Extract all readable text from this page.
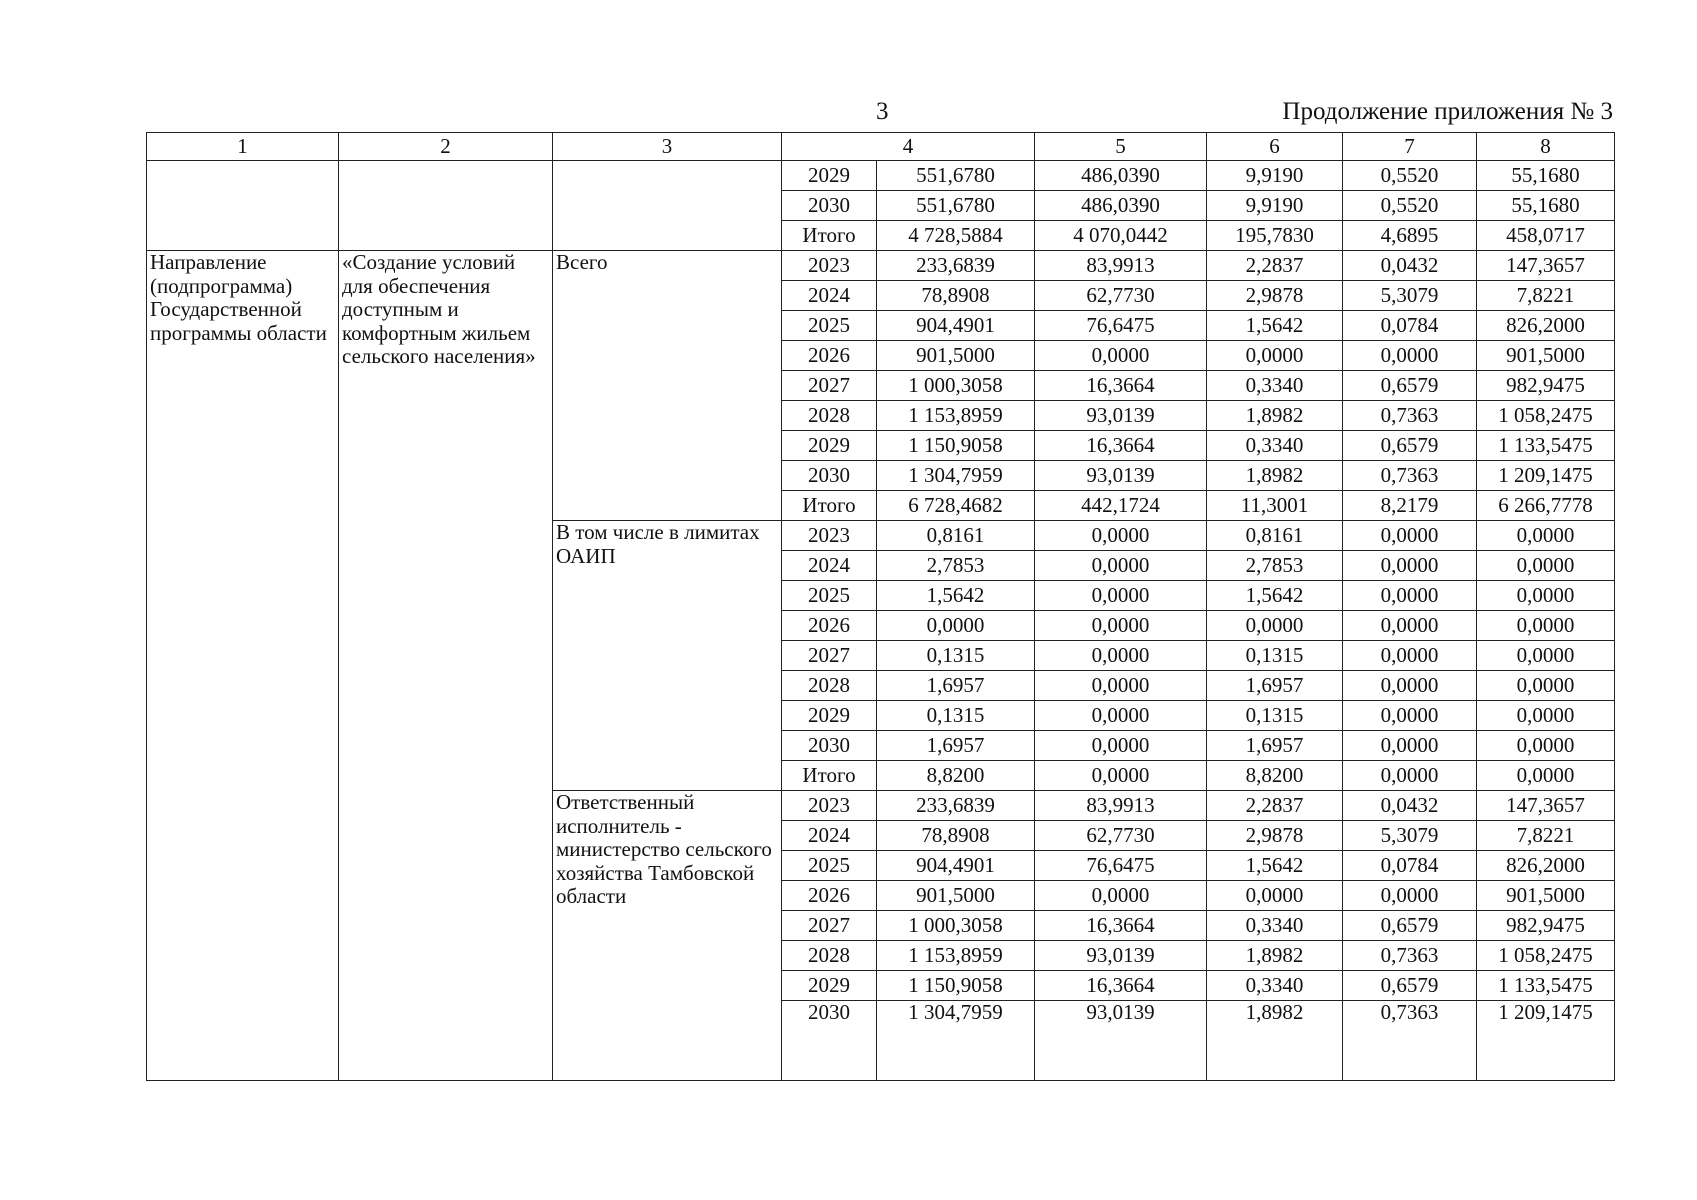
3	Продолжение приложения № 3
1	2	3	4		5	6	7	8
			2029	551,6780	486,0390	9,9190	0,5520	55,1680
			2030	551,6780	486,0390	9,9190	0,5520	55,1680
			Итого	4 728,5884	4 070,0442	195,7830	4,6895	458,0717
Направление (подпрограмма) Государственной программы области	«Создание условий для обеспечения доступным и комфортным жильем сельского населения»	Всего	2023	233,6839	83,9913	2,2837	0,0432	147,3657
			2024	78,8908	62,7730	2,9878	5,3079	7,8221
			2025	904,4901	76,6475	1,5642	0,0784	826,2000
			2026	901,5000	0,0000	0,0000	0,0000	901,5000
			2027	1 000,3058	16,3664	0,3340	0,6579	982,9475
			2028	1 153,8959	93,0139	1,8982	0,7363	1 058,2475
			2029	1 150,9058	16,3664	0,3340	0,6579	1 133,5475
			2030	1 304,7959	93,0139	1,8982	0,7363	1 209,1475
			Итого	6 728,4682	442,1724	11,3001	8,2179	6 266,7778
		В том числе в лимитах ОАИП	2023	0,8161	0,0000	0,8161	0,0000	0,0000
			2024	2,7853	0,0000	2,7853	0,0000	0,0000
			2025	1,5642	0,0000	1,5642	0,0000	0,0000
			2026	0,0000	0,0000	0,0000	0,0000	0,0000
			2027	0,1315	0,0000	0,1315	0,0000	0,0000
			2028	1,6957	0,0000	1,6957	0,0000	0,0000
			2029	0,1315	0,0000	0,1315	0,0000	0,0000
			2030	1,6957	0,0000	1,6957	0,0000	0,0000
			Итого	8,8200	0,0000	8,8200	0,0000	0,0000
		Ответственный исполнитель - министерство сельского хозяйства Тамбовской области	2023	233,6839	83,9913	2,2837	0,0432	147,3657
			2024	78,8908	62,7730	2,9878	5,3079	7,8221
			2025	904,4901	76,6475	1,5642	0,0784	826,2000
			2026	901,5000	0,0000	0,0000	0,0000	901,5000
			2027	1 000,3058	16,3664	0,3340	0,6579	982,9475
			2028	1 153,8959	93,0139	1,8982	0,7363	1 058,2475
			2029	1 150,9058	16,3664	0,3340	0,6579	1 133,5475
			2030	1 304,7959	93,0139	1,8982	0,7363	1 209,1475
